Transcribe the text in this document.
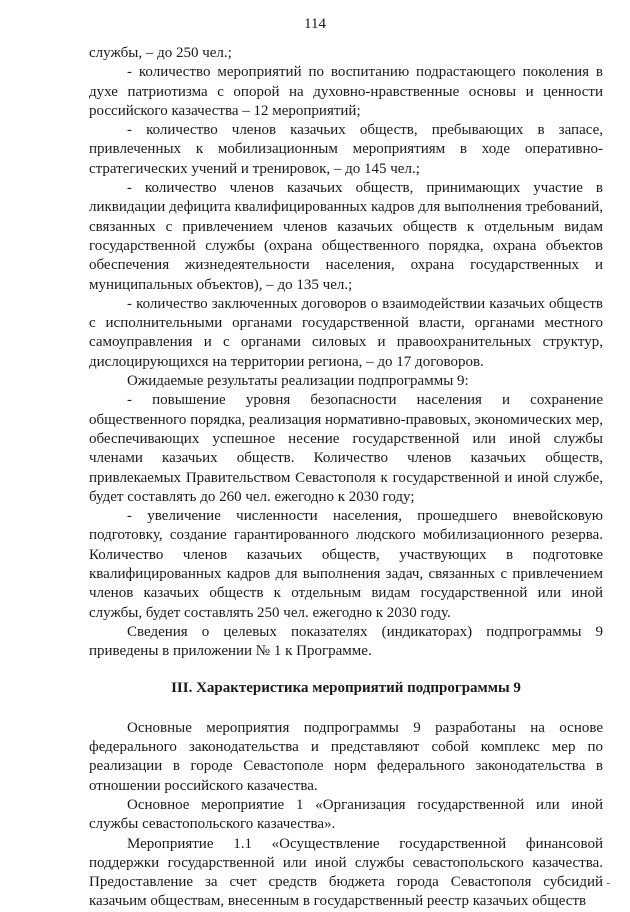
114

службы, – до 250 чел.;

- количество мероприятий по воспитанию подрастающего поколения в духе патриотизма с опорой на духовно-нравственные основы и ценности российского казачества – 12 мероприятий;

- количество членов казачьих обществ, пребывающих в запасе, привлеченных к мобилизационным мероприятиям в ходе оперативно-стратегических учений и тренировок, – до 145 чел.;

- количество членов казачьих обществ, принимающих участие в ликвидации дефицита квалифицированных кадров для выполнения требований, связанных с привлечением членов казачьих обществ к отдельным видам государственной службы (охрана общественного порядка, охрана объектов обеспечения жизнедеятельности населения, охрана государственных и муниципальных объектов), – до 135 чел.;

- количество заключенных договоров о взаимодействии казачьих обществ с исполнительными органами государственной власти, органами местного самоуправления и с органами силовых и правоохранительных структур, дислоцирующихся на территории региона, – до 17 договоров.

Ожидаемые результаты реализации подпрограммы 9:

- повышение уровня безопасности населения и сохранение общественного порядка, реализация нормативно-правовых, экономических мер, обеспечивающих успешное несение государственной или иной службы членами казачьих обществ. Количество членов казачьих обществ, привлекаемых Правительством Севастополя к государственной и иной службе, будет составлять до 260 чел. ежегодно к 2030 году;

- увеличение численности населения, прошедшего вневойсковую подготовку, создание гарантированного людского мобилизационного резерва. Количество членов казачьих обществ, участвующих в подготовке квалифицированных кадров для выполнения задач, связанных с привлечением членов казачьих обществ к отдельным видам государственной или иной службы, будет составлять 250 чел. ежегодно к 2030 году.

Сведения о целевых показателях (индикаторах) подпрограммы 9 приведены в приложении № 1 к Программе.

III. Характеристика мероприятий подпрограммы 9

Основные мероприятия подпрограммы 9 разработаны на основе федерального законодательства и представляют собой комплекс мер по реализации в городе Севастополе норм федерального законодательства в отношении российского казачества.

Основное мероприятие 1 «Организация государственной или иной службы севастопольского казачества».

Мероприятие 1.1 «Осуществление государственной финансовой поддержки государственной или иной службы севастопольского казачества. Предоставление за счет средств бюджета города Севастополя субсидий казачьим обществам, внесенным в государственный реестр казачьих обществ

-
